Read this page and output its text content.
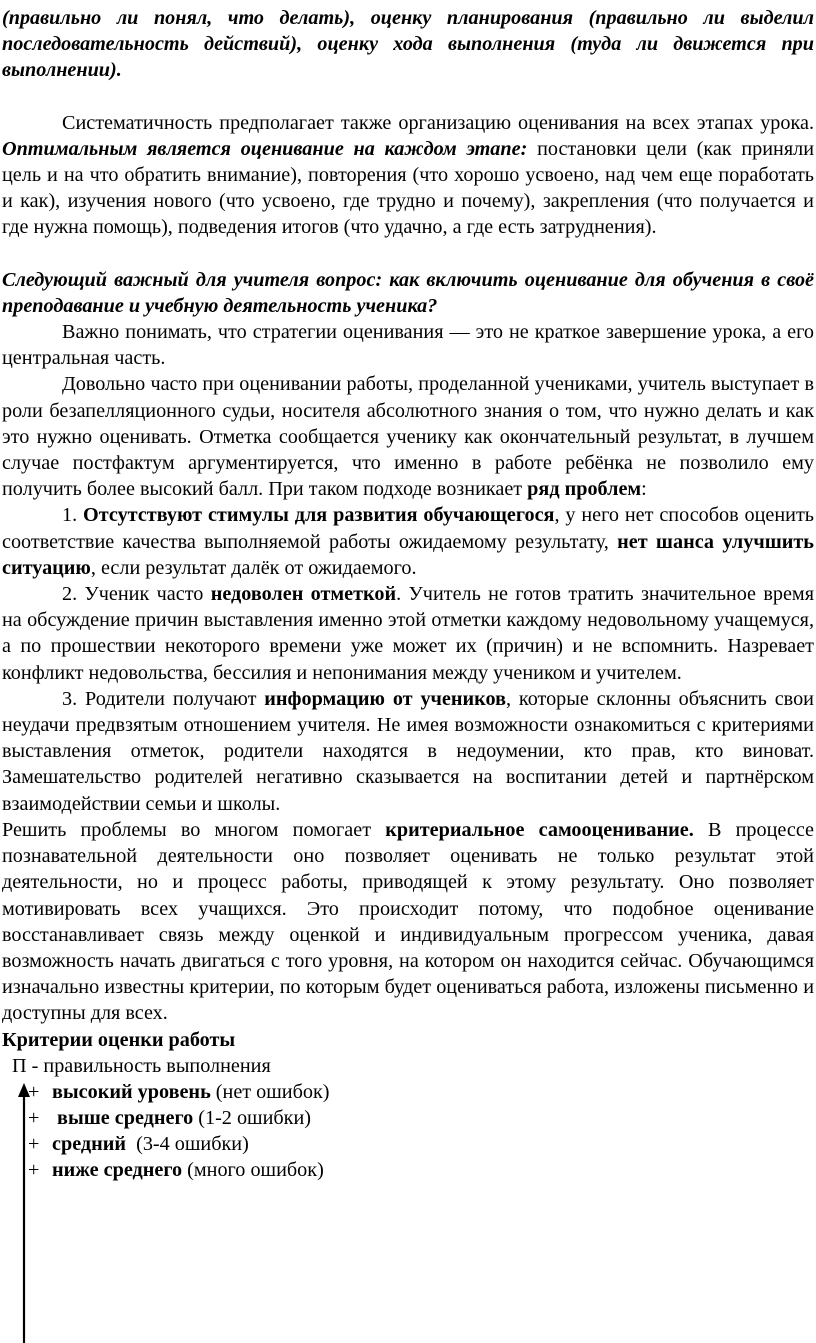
(правильно ли понял, что делать), оценку планирования (правильно ли выделил последовательность действий), оценку хода выполнения (туда ли движется при выполнении).

Систематичность предполагает также организацию оценивания на всех этапах урока. Оптимальным является оценивание на каждом этапе: постановки цели (как приняли цель и на что обратить внимание), повторения (что хорошо усвоено, над чем еще поработать и как), изучения нового (что усвоено, где трудно и почему), закрепления (что получается и где нужна помощь), подведения итогов (что удачно, а где есть затруднения).

Следующий важный для учителя вопрос: как включить оценивание для обучения в своё преподавание и учебную деятельность ученика?

Важно понимать, что стратегии оценивания — это не краткое завершение урока, а его центральная часть.

Довольно часто при оценивании работы, проделанной учениками, учитель выступает в роли безапелляционного судьи, носителя абсолютного знания о том, что нужно делать и как это нужно оценивать. Отметка сообщается ученику как окончательный результат, в лучшем случае постфактум аргументируется, что именно в работе ребёнка не позволило ему получить более высокий балл. При таком подходе возникает ряд проблем:

1. Отсутствуют стимулы для развития обучающегося, у него нет способов оценить соответствие качества выполняемой работы ожидаемому результату, нет шанса улучшить ситуацию, если результат далёк от ожидаемого.

2. Ученик часто недоволен отметкой. Учитель не готов тратить значительное время на обсуждение причин выставления именно этой отметки каждому недовольному учащемуся, а по прошествии некоторого времени уже может их (причин) и не вспомнить. Назревает конфликт недовольства, бессилия и непонимания между учеником и учителем.

3. Родители получают информацию от учеников, которые склонны объяснить свои неудачи предвзятым отношением учителя. Не имея возможности ознакомиться с критериями выставления отметок, родители находятся в недоумении, кто прав, кто виноват. Замешательство родителей негативно сказывается на воспитании детей и партнёрском взаимодействии семьи и школы.

Решить проблемы во многом помогает критериальное самооценивание. В процессе познавательной деятельности оно позволяет оценивать не только результат этой деятельности, но и процесс работы, приводящей к этому результату. Оно позволяет мотивировать всех учащихся. Это происходит потому, что подобное оценивание восстанавливает связь между оценкой и индивидуальным прогрессом ученика, давая возможность начать двигаться с того уровня, на котором он находится сейчас. Обучающимся изначально известны критерии, по которым будет оцениваться работа, изложены письменно и доступны для всех.

Критерии оценки работы

П - правильность выполнения
+ высокий уровень (нет ошибок)
+ выше среднего (1-2 ошибки)
+ средний  (3-4 ошибки)
+ ниже среднего (много ошибок)
